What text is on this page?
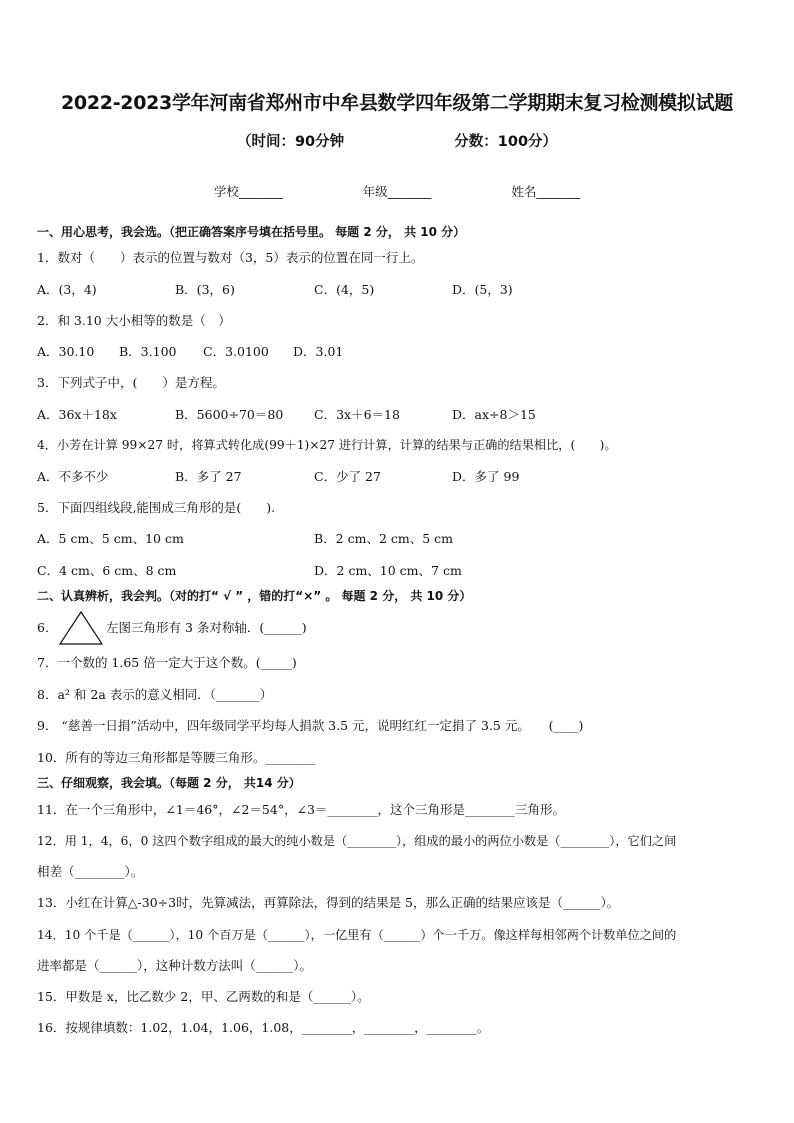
2022-2023学年河南省郑州市中牟县数学四年级第二学期期末复习检测模拟试题
（时间：90分钟	分数：100分）
学校_______	年级_______	姓名_______
一、用心思考，我会选。（把正确答案序号填在括号里。 每题 2 分， 共 10 分）
1．数对（　　）表示的位置与数对（3，5）表示的位置在同一行上。
A．(3，4)	B．(3，6)	C．(4，5)	D．(5，3)
2．和 3.10 大小相等的数是（　）
A．30.10 B．3.100 C．3.0100 D．3.01
3．下列式子中，(　　）是方程。
A．36x＋18x	B．5600÷70＝80 C．3x＋6＝18	D．ax÷8＞15
4．小芳在计算 99×27 时，将算式转化成(99＋1)×27 进行计算，计算的结果与正确的结果相比，(　　)。
A．不多不少	B．多了 27	C．少了 27	D．多了 99
5．下面四组线段,能围成三角形的是(　　).
A．5 cm、5 cm、10 cm	B．2 cm、2 cm、5 cm
C．4 cm、6 cm、8 cm	D．2 cm、10 cm、7 cm
二、认真辨析，我会判。（对的打“ √ ” ，错的打“×” 。 每题 2 分， 共 10 分）
6．	左图三角形有 3 条对称轴．(______)
7．一个数的 1.65 倍一定大于这个数。(_____)
8．a² 和 2a 表示的意义相同．（_______）
9． “慈善一日捐”活动中，四年级同学平均每人捐款 3.5 元，说明红红一定捐了 3.5 元。　　(____)
10．所有的等边三角形都是等腰三角形。________
三、仔细观察，我会填。（每题 2 分， 共14 分）
11．在一个三角形中，∠1＝46°，∠2＝54°，∠3＝________，这个三角形是________三角形。
12．用 1，4，6，0 这四个数字组成的最大的纯小数是（________），组成的最小的两位小数是（________），它们之间
相差（________）。
13．小红在计算△-30÷3时，先算减法，再算除法，得到的结果是 5，那么正确的结果应该是（______）。
14．10 个千是（______），10 个百万是（______），一亿里有（______）个一千万。像这样每相邻两个计数单位之间的
进率都是（______），这种计数方法叫（______）。
15．甲数是 x，比乙数少 2，甲、乙两数的和是（______）。
16．按规律填数：1.02，1.04，1.06，1.08，________，________，________。
